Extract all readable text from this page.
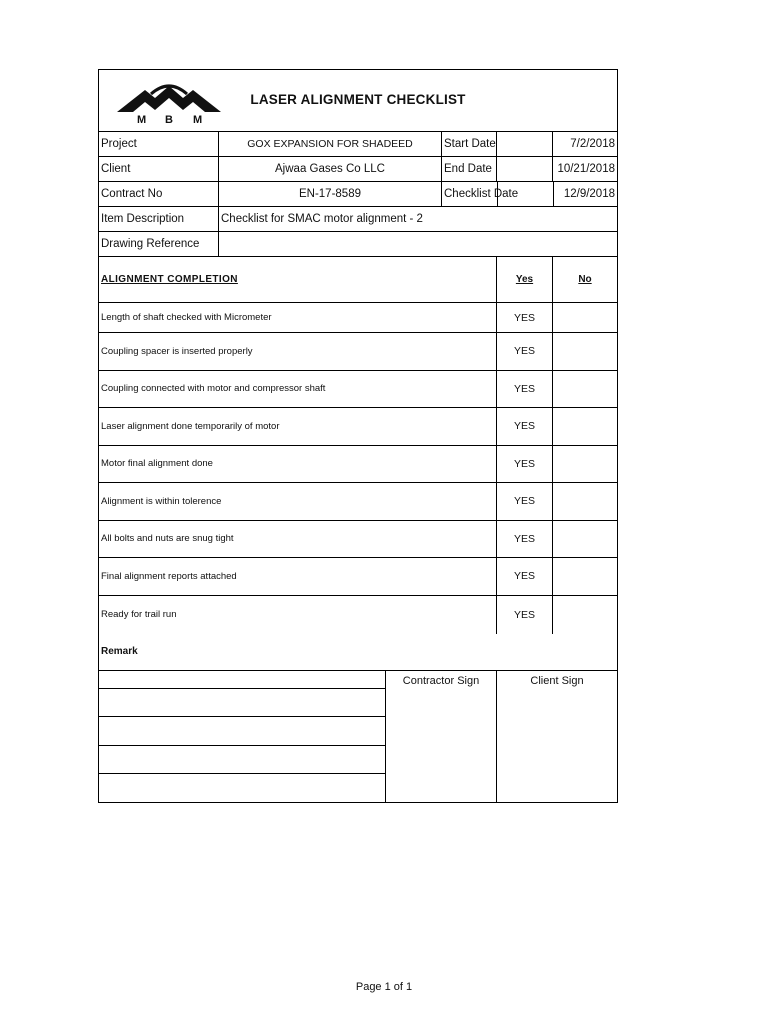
M B M
LASER ALIGNMENT CHECKLIST
Project	GOX EXPANSION FOR SHADEED	Start Date	7/2/2018
Client	Ajwaa Gases Co LLC	End Date	10/21/2018
Contract No	EN-17-8589	Checklist Date	12/9/2018
Item Description	Checklist for SMAC motor alignment - 2
Drawing Reference
ALIGNMENT COMPLETION	Yes	No
Length of shaft checked with Micrometer	YES
Coupling spacer is inserted properly	YES
Coupling connected with motor and compressor shaft	YES
Laser alignment done temporarily of motor	YES
Motor final alignment done	YES
Alignment is within tolerence	YES
All bolts and nuts are snug tight	YES
Final alignment reports attached	YES
Ready for trail run	YES
Remark
Contractor Sign	Client Sign
Page 1 of 1
